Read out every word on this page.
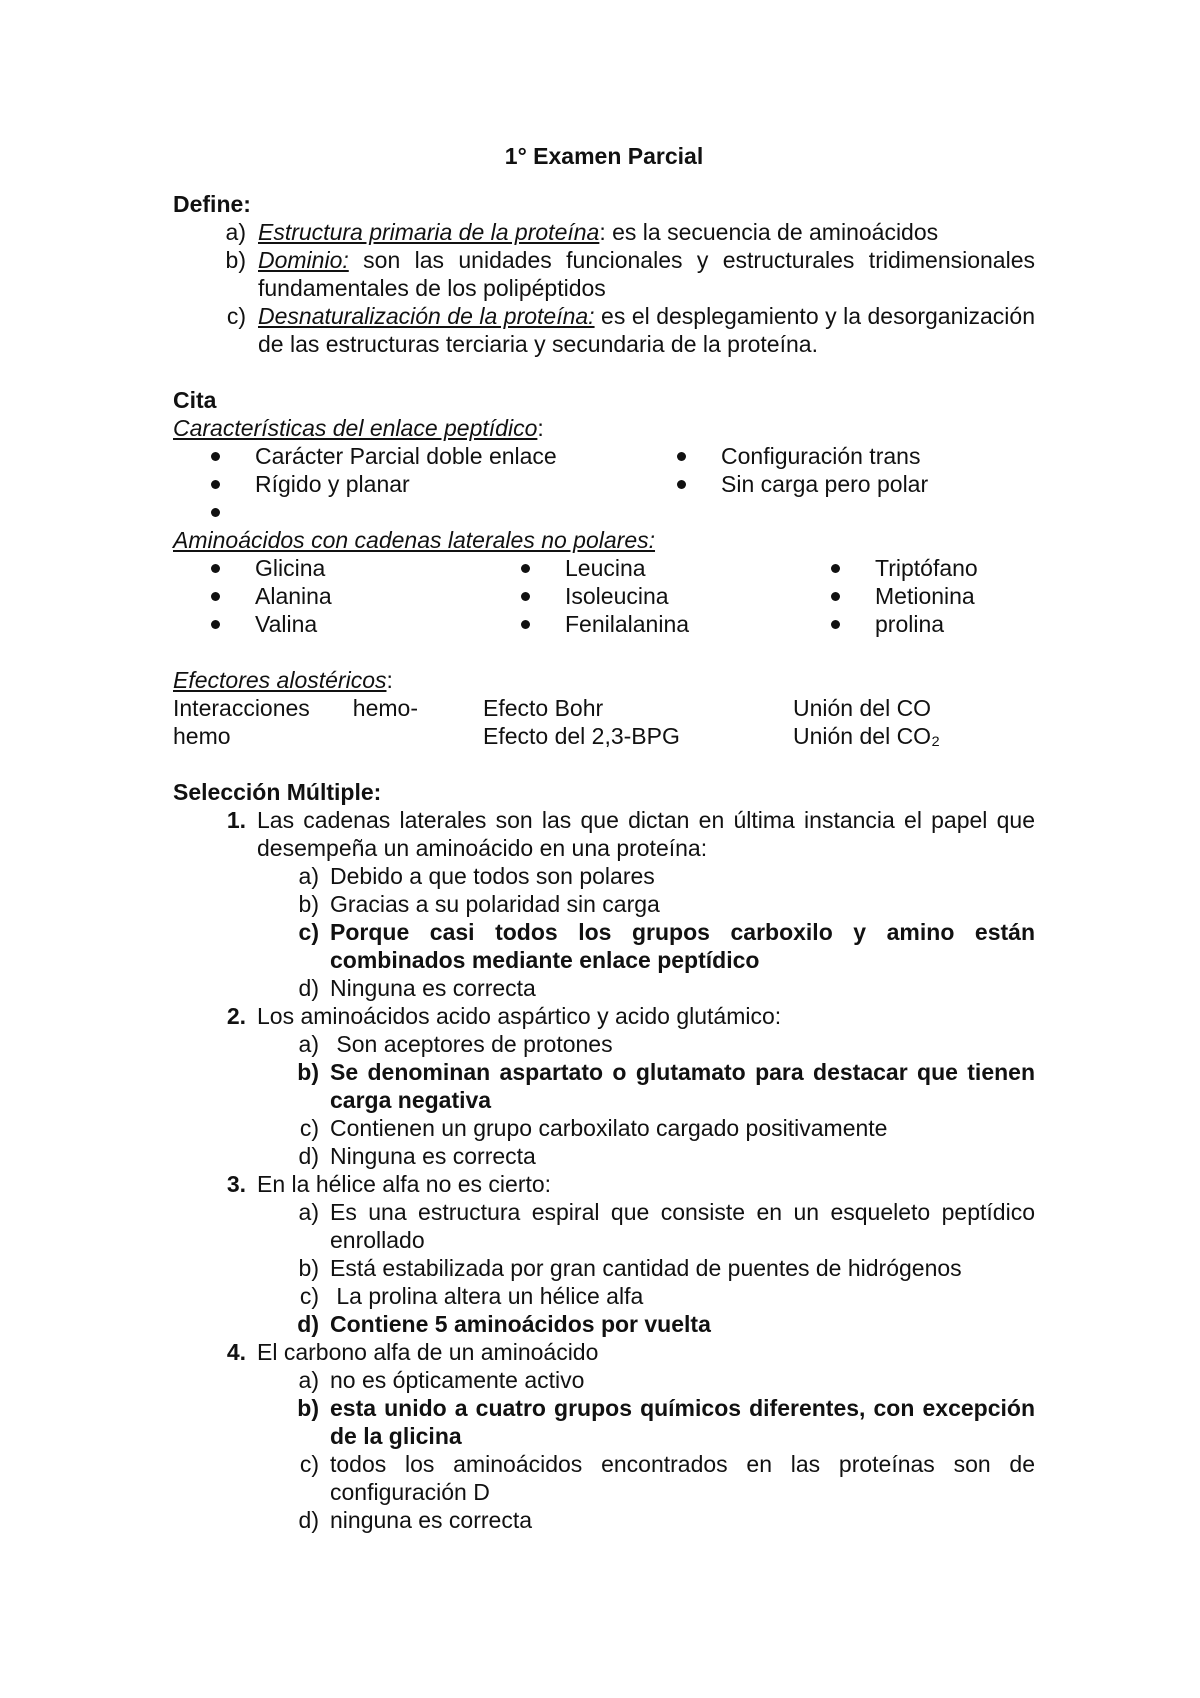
1° Examen Parcial
Define:
a) Estructura primaria de la proteína: es la secuencia de aminoácidos
b) Dominio: son las unidades funcionales y estructurales tridimensionales fundamentales de los polipéptidos
c) Desnaturalización de la proteína: es el desplegamiento y la desorganización de las estructuras terciaria y secundaria de la proteína.
Cita
Características del enlace peptídico:
Carácter Parcial doble enlace
Rígido y planar
Configuración trans
Sin carga pero polar
Aminoácidos con cadenas laterales no polares:
Glicina
Alanina
Valina
Leucina
Isoleucina
Fenilalanina
Triptófano
Metionina
prolina
Efectores alostéricos:
Interacciones hemo-hemo
Efecto Bohr
Efecto del 2,3-BPG
Unión del CO
Unión del CO₂
Selección Múltiple:
1. Las cadenas laterales son las que dictan en última instancia el papel que desempeña un aminoácido en una proteína:
a) Debido a que todos son polares
b) Gracias a su polaridad sin carga
c) Porque casi todos los grupos carboxilo y amino están combinados mediante enlace peptídico
d) Ninguna es correcta
2. Los aminoácidos acido aspártico y acido glutámico:
a) Son aceptores de protones
b) Se denominan aspartato o glutamato para destacar que tienen carga negativa
c) Contienen un grupo carboxilato cargado positivamente
d) Ninguna es correcta
3. En la hélice alfa no es cierto:
a) Es una estructura espiral que consiste en un esqueleto peptídico enrollado
b) Está estabilizada por gran cantidad de puentes de hidrógenos
c) La prolina altera un hélice alfa
d) Contiene 5 aminoácidos por vuelta
4. El carbono alfa de un aminoácido
a) no es ópticamente activo
b) esta unido a cuatro grupos químicos diferentes, con excepción de la glicina
c) todos los aminoácidos encontrados en las proteínas son de configuración D
d) ninguna es correcta
